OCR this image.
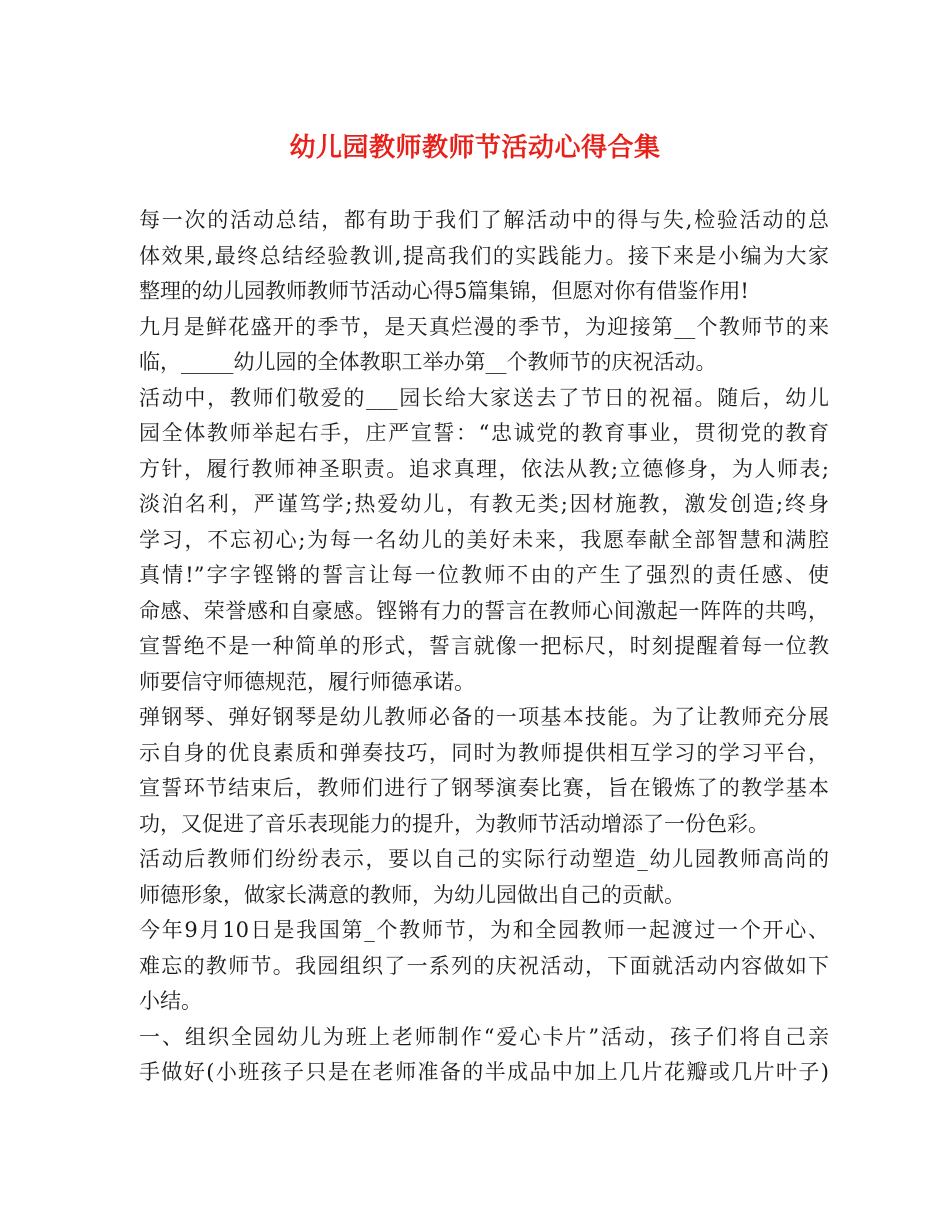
幼儿园教师教师节活动心得合集
每一次的活动总结，都有助于我们了解活动中的得与失,检验活动的总
体效果,最终总结经验教训,提高我们的实践能力。接下来是小编为大家
整理的幼儿园教师教师节活动心得5篇集锦，但愿对你有借鉴作用!
九月是鲜花盛开的季节，是天真烂漫的季节，为迎接第__个教师节的来
临，_____幼儿园的全体教职工举办第__个教师节的庆祝活动。
活动中，教师们敬爱的___园长给大家送去了节日的祝福。随后，幼儿
园全体教师举起右手，庄严宣誓：“忠诚党的教育事业，贯彻党的教育
方针，履行教师神圣职责。追求真理，依法从教;立德修身，为人师表;
淡泊名利，严谨笃学;热爱幼儿，有教无类;因材施教，激发创造;终身
学习，不忘初心;为每一名幼儿的美好未来，我愿奉献全部智慧和满腔
真情!”字字铿锵的誓言让每一位教师不由的产生了强烈的责任感、使
命感、荣誉感和自豪感。铿锵有力的誓言在教师心间激起一阵阵的共鸣，
宣誓绝不是一种简单的形式，誓言就像一把标尺，时刻提醒着每一位教
师要信守师德规范，履行师德承诺。
弹钢琴、弹好钢琴是幼儿教师必备的一项基本技能。为了让教师充分展
示自身的优良素质和弹奏技巧，同时为教师提供相互学习的学习平台，
宣誓环节结束后，教师们进行了钢琴演奏比赛，旨在锻炼了的教学基本
功，又促进了音乐表现能力的提升，为教师节活动增添了一份色彩。
活动后教师们纷纷表示，要以自己的实际行动塑造_幼儿园教师高尚的
师德形象，做家长满意的教师，为幼儿园做出自己的贡献。
今年9月10日是我国第_个教师节，为和全园教师一起渡过一个开心、
难忘的教师节。我园组织了一系列的庆祝活动，下面就活动内容做如下
小结。
一、组织全园幼儿为班上老师制作“爱心卡片”活动，孩子们将自己亲
手做好(小班孩子只是在老师准备的半成品中加上几片花瓣或几片叶子)
